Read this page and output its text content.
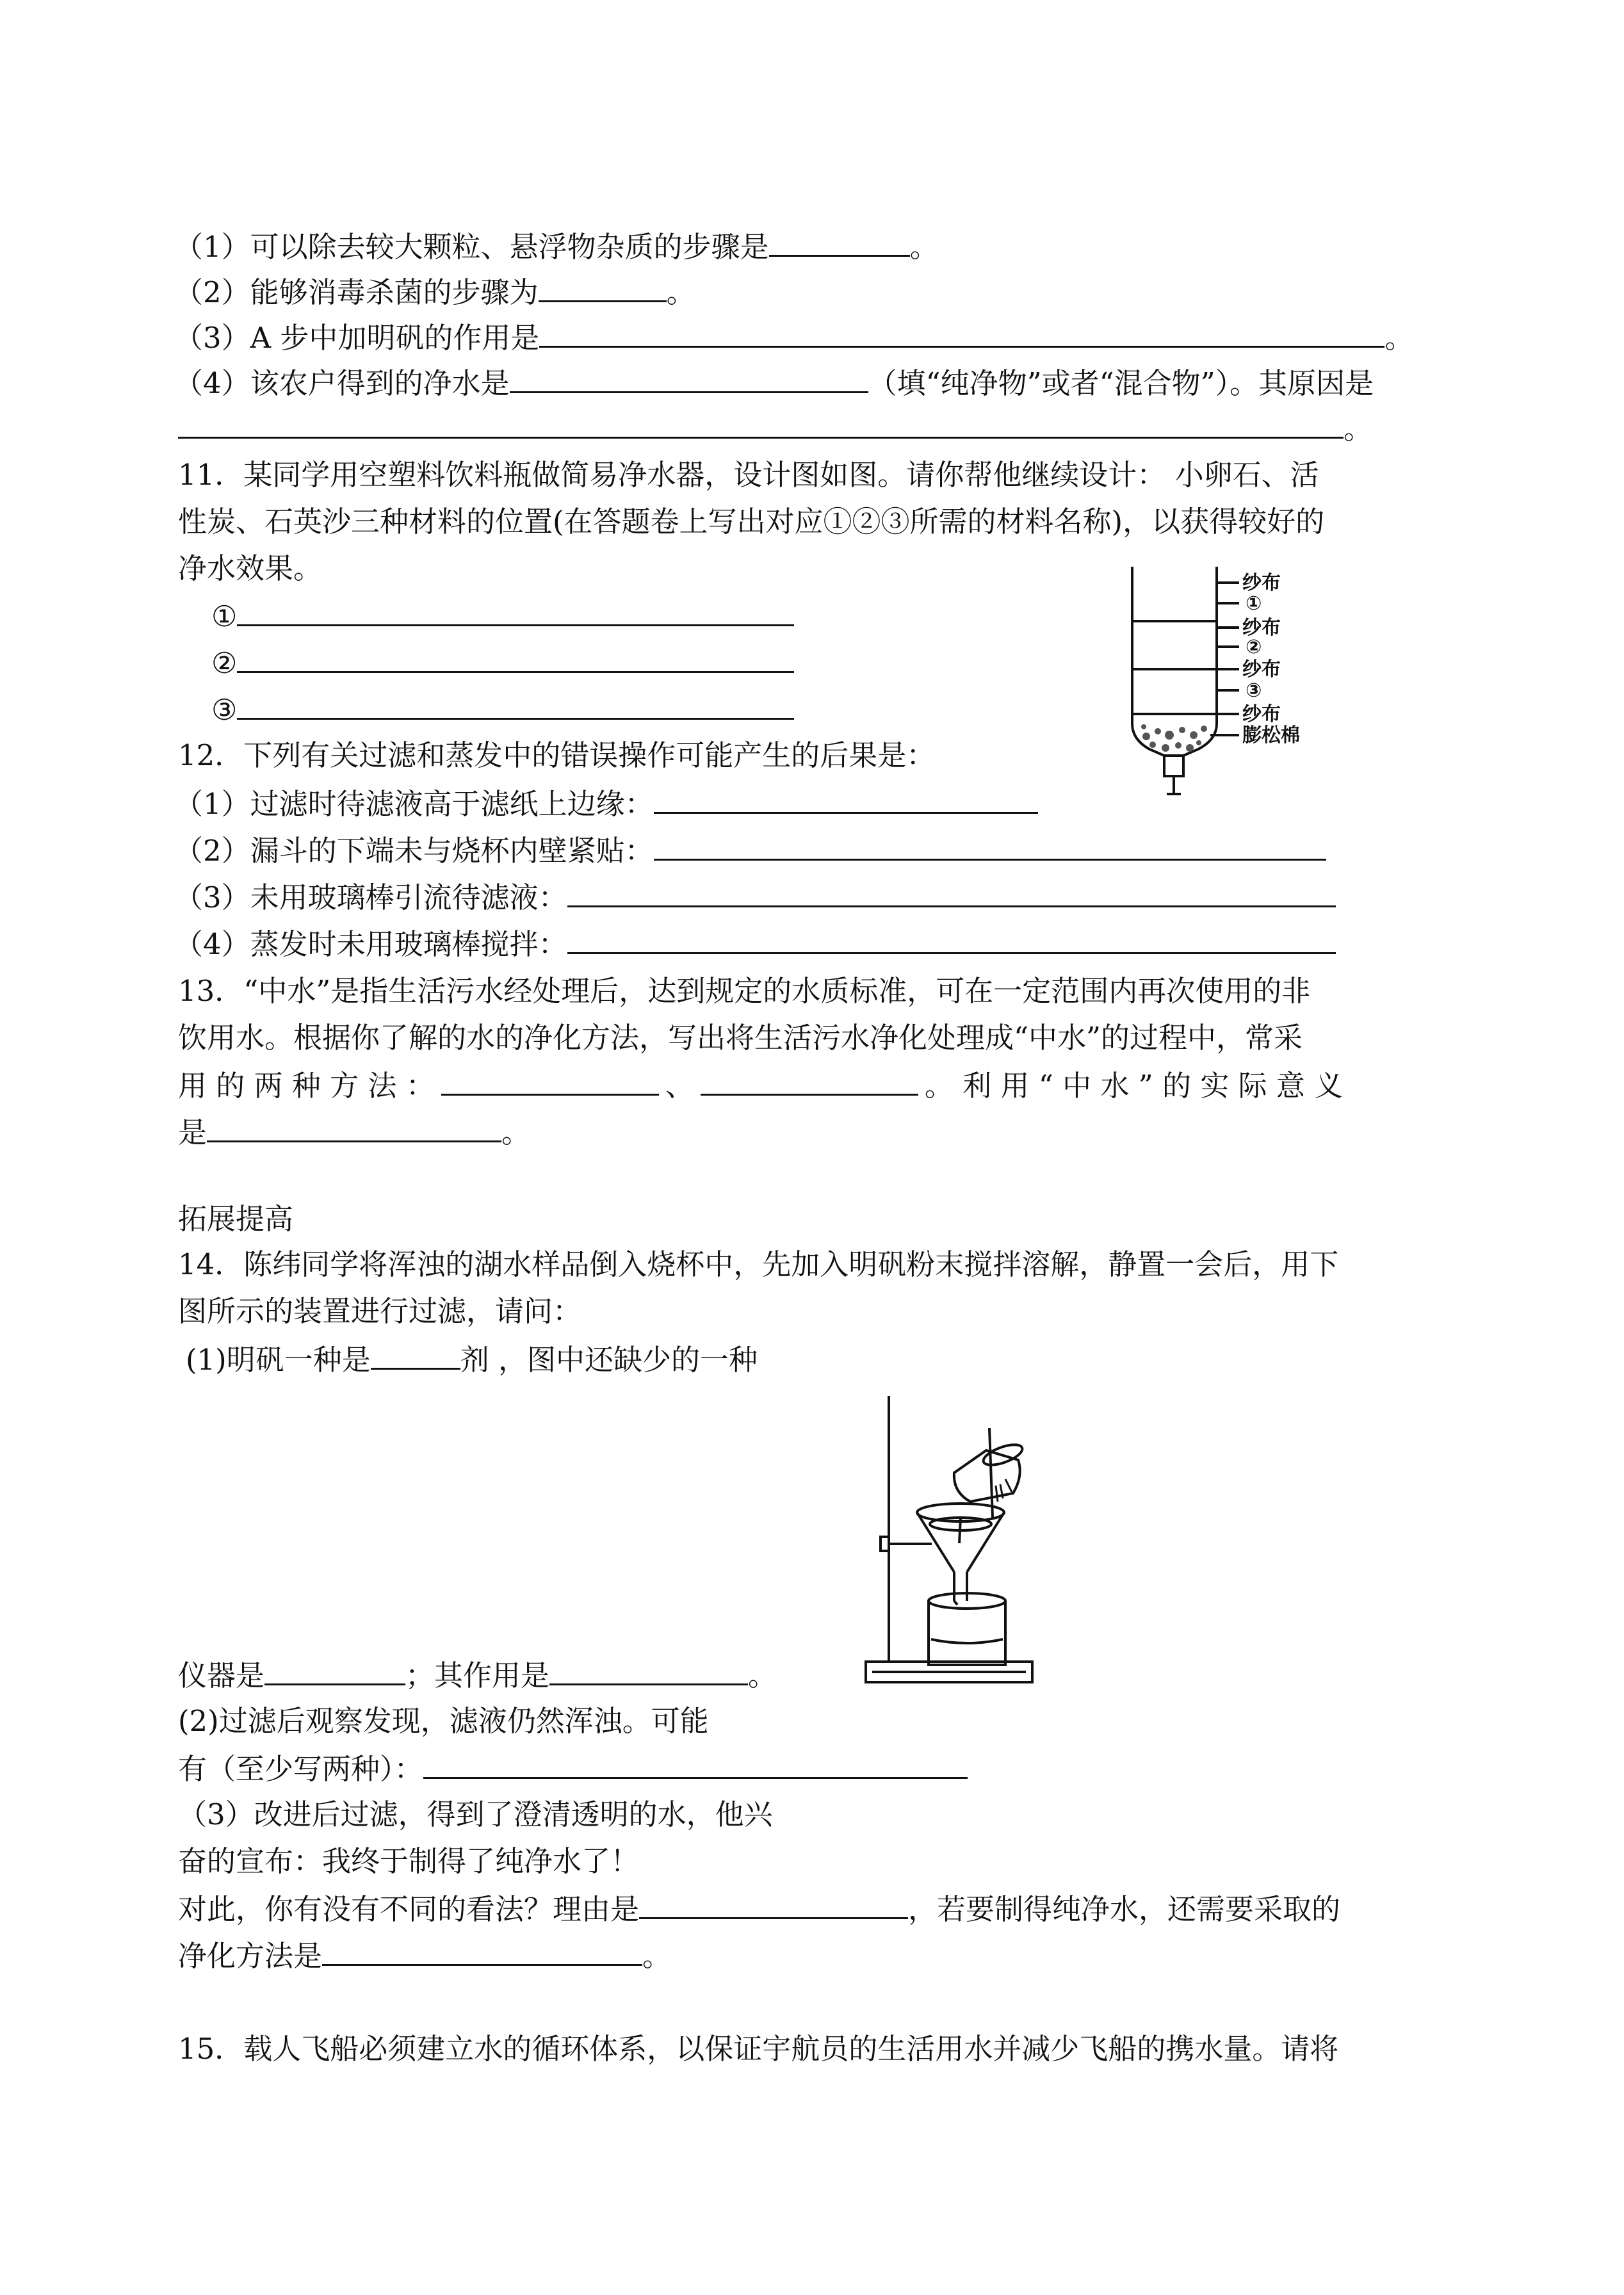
（1）可以除去较大颗粒、悬浮物杂质的步骤是	。
（2）能够消毒杀菌的步骤为	。
（3）A 步中加明矾的作用是	。
（4）该农户得到的净水是	（填“纯净物”或者“混合物”）。其原因是
。
11．某同学用空塑料饮料瓶做简易净水器，设计图如图。请你帮他继续设计： 小卵石、活
性炭、石英沙三种材料的位置(在答题卷上写出对应①②③所需的材料名称)，以获得较好的
净水效果。
①
②
③
纱布
①
纱布
②
纱布
③
纱布
膨松棉
12．下列有关过滤和蒸发中的错误操作可能产生的后果是：
（1）过滤时待滤液高于滤纸上边缘：
（2）漏斗的下端未与烧杯内壁紧贴：
（3）未用玻璃棒引流待滤液：
（4）蒸发时未用玻璃棒搅拌：
13．“中水”是指生活污水经处理后，达到规定的水质标准，可在一定范围内再次使用的非
饮用水。根据你了解的水的净化方法，写出将生活污水净化处理成“中水”的过程中，常采
用 的 两 种 方 法 ：	、	。 利 用 “ 中 水 ” 的 实 际 意 义
是	。
拓展提高
14．陈纬同学将浑浊的湖水样品倒入烧杯中，先加入明矾粉末搅拌溶解，静置一会后，用下
图所示的装置进行过滤，请问：
(1)明矾一种是	剂 ，图中还缺少的一种
仪器是	；其作用是	。
(2)过滤后观察发现，滤液仍然浑浊。可能
有（至少写两种）：
（3）改进后过滤，得到了澄清透明的水，他兴
奋的宣布：我终于制得了纯净水了！
对此，你有没有不同的看法？理由是	，若要制得纯净水，还需要采取的
净化方法是	。
15．载人飞船必须建立水的循环体系，以保证宇航员的生活用水并减少飞船的携水量。请将
